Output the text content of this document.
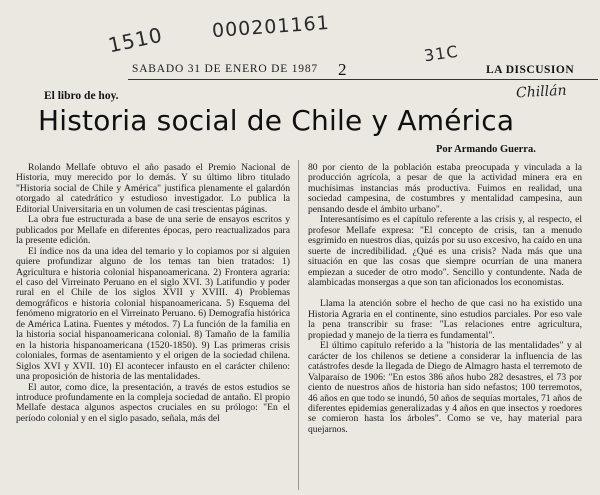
000201161
1510	31C
SABADO 31 DE ENERO DE 1987 2	LA DISCUSION
Chillán
El libro de hoy.
Historia social de Chile y América
Por Armando Guerra.

Rolando Mellafe obtuvo el año pasado el Premio Nacional de Historia, muy merecido por lo demás. Y su último libro titulado "Historia social de Chile y América" justifica plenamente el galardón otorgado al catedrático y estudioso investigador. Lo publica la Editorial Universitaria en un volumen de casi trescientas páginas.

La obra fue estructurada a base de una serie de ensayos escritos y publicados por Mellafe en diferentes épocas, pero reactualizados para la presente edición.

El índice nos da una idea del temario y lo copiamos por si alguien quiere profundizar alguno de los temas tan bien tratados: 1) Agricultura e historia colonial hispanoamericana. 2) Frontera agraria: el caso del Virreinato Peruano en el siglo XVI. 3) Latifundio y poder rural en el Chile de los siglos XVII y XVIII. 4) Problemas demográficos e historia colonial hispanoamericana. 5) Esquema del fenómeno migratorio en el Virreinato Peruano. 6) Demografía histórica de América Latina. Fuentes y métodos. 7) La función de la familia en la historia social hispanoamericana colonial. 8) Tamaño de la familia en la historia hispanoamericana (1520-1850). 9) Las primeras crisis coloniales, formas de asentamiento y el origen de la sociedad chilena. Siglos XVI y XVII. 10) El acontecer infausto en el carácter chileno: una proposición de historia de las mentalidades.

El autor, como dice, la presentación, a través de estos estudios se introduce profundamente en la compleja sociedad de antaño. El propio Mellafe destaca algunos aspectos cruciales en su prólogo: "En el período colonial y en el siglo pasado, señala, más del

80 por ciento de la población estaba preocupada y vinculada a la producción agrícola, a pesar de que la actividad minera era en muchísimas instancias más productiva. Fuimos en realidad, una sociedad campesina, de costumbres y mentalidad campesina, aun pensando desde el ámbito urbano".

Interesantísimo es el capítulo referente a las crisis y, al respecto, el profesor Mellafe expresa: "El concepto de crisis, tan a menudo esgrimido en nuestros días, quizás por su uso excesivo, ha caído en una suerte de incredibilidad. ¿Qué es una crisis? Nada más que una situación en que las cosas que siempre ocurrían de una manera empiezan a suceder de otro modo". Sencillo y contundente. Nada de alambicadas monsergas a que son tan aficionados los economistas.

Llama la atención sobre el hecho de que casi no ha existido una Historia Agraria en el continente, sino estudios parciales. Por eso vale la pena transcribir su frase: "Las relaciones entre agricultura, propiedad y manejo de la tierra es fundamental".

El último capítulo referido a la "historia de las mentalidades" y al carácter de los chilenos se detiene a considerar la influencia de las catástrofes desde la llegada de Diego de Almagro hasta el terremoto de Valparaíso de 1906: "En estos 386 años hubo 282 desastres, el 73 por ciento de nuestros años de historia han sido nefastos; 100 terremotos, 46 años en que todo se inundó, 50 años de sequías mortales, 71 años de diferentes epidemias generalizadas y 4 años en que insectos y roedores se comieron hasta los árboles". Como se ve, hay material para quejarnos.
